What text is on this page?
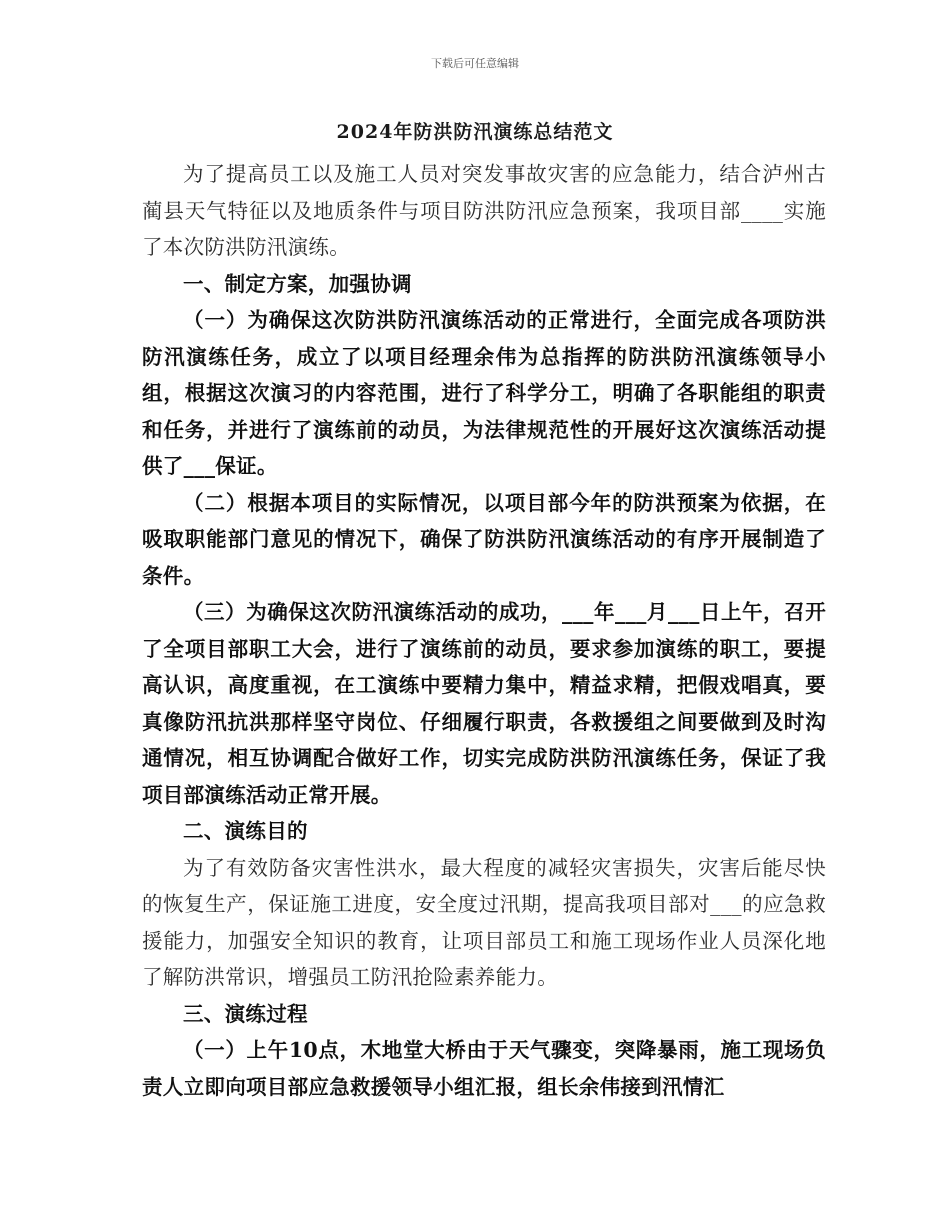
下载后可任意编辑
2024年防洪防汛演练总结范文

为了提高员工以及施工人员对突发事故灾害的应急能力，结合泸州古蔺县天气特征以及地质条件与项目防洪防汛应急预案，我项目部____实施了本次防洪防汛演练。

一、制定方案，加强协调

（一）为确保这次防洪防汛演练活动的正常进行，全面完成各项防洪防汛演练任务，成立了以项目经理余伟为总指挥的防洪防汛演练领导小组，根据这次演习的内容范围，进行了科学分工，明确了各职能组的职责和任务，并进行了演练前的动员，为法律规范性的开展好这次演练活动提供了___保证。

（二）根据本项目的实际情况，以项目部今年的防洪预案为依据，在吸取职能部门意见的情况下，确保了防洪防汛演练活动的有序开展制造了条件。

（三）为确保这次防汛演练活动的成功，___年___月___日上午，召开了全项目部职工大会，进行了演练前的动员，要求参加演练的职工，要提高认识，高度重视，在工演练中要精力集中，精益求精，把假戏唱真，要真像防汛抗洪那样坚守岗位、仔细履行职责，各救援组之间要做到及时沟通情况，相互协调配合做好工作，切实完成防洪防汛演练任务，保证了我项目部演练活动正常开展。

二、演练目的

为了有效防备灾害性洪水，最大程度的减轻灾害损失，灾害后能尽快的恢复生产，保证施工进度，安全度过汛期，提高我项目部对___的应急救援能力，加强安全知识的教育，让项目部员工和施工现场作业人员深化地了解防洪常识，增强员工防汛抢险素养能力。

三、演练过程

（一）上午10点，木地堂大桥由于天气骤变，突降暴雨，施工现场负责人立即向项目部应急救援领导小组汇报，组长余伟接到汛情汇
